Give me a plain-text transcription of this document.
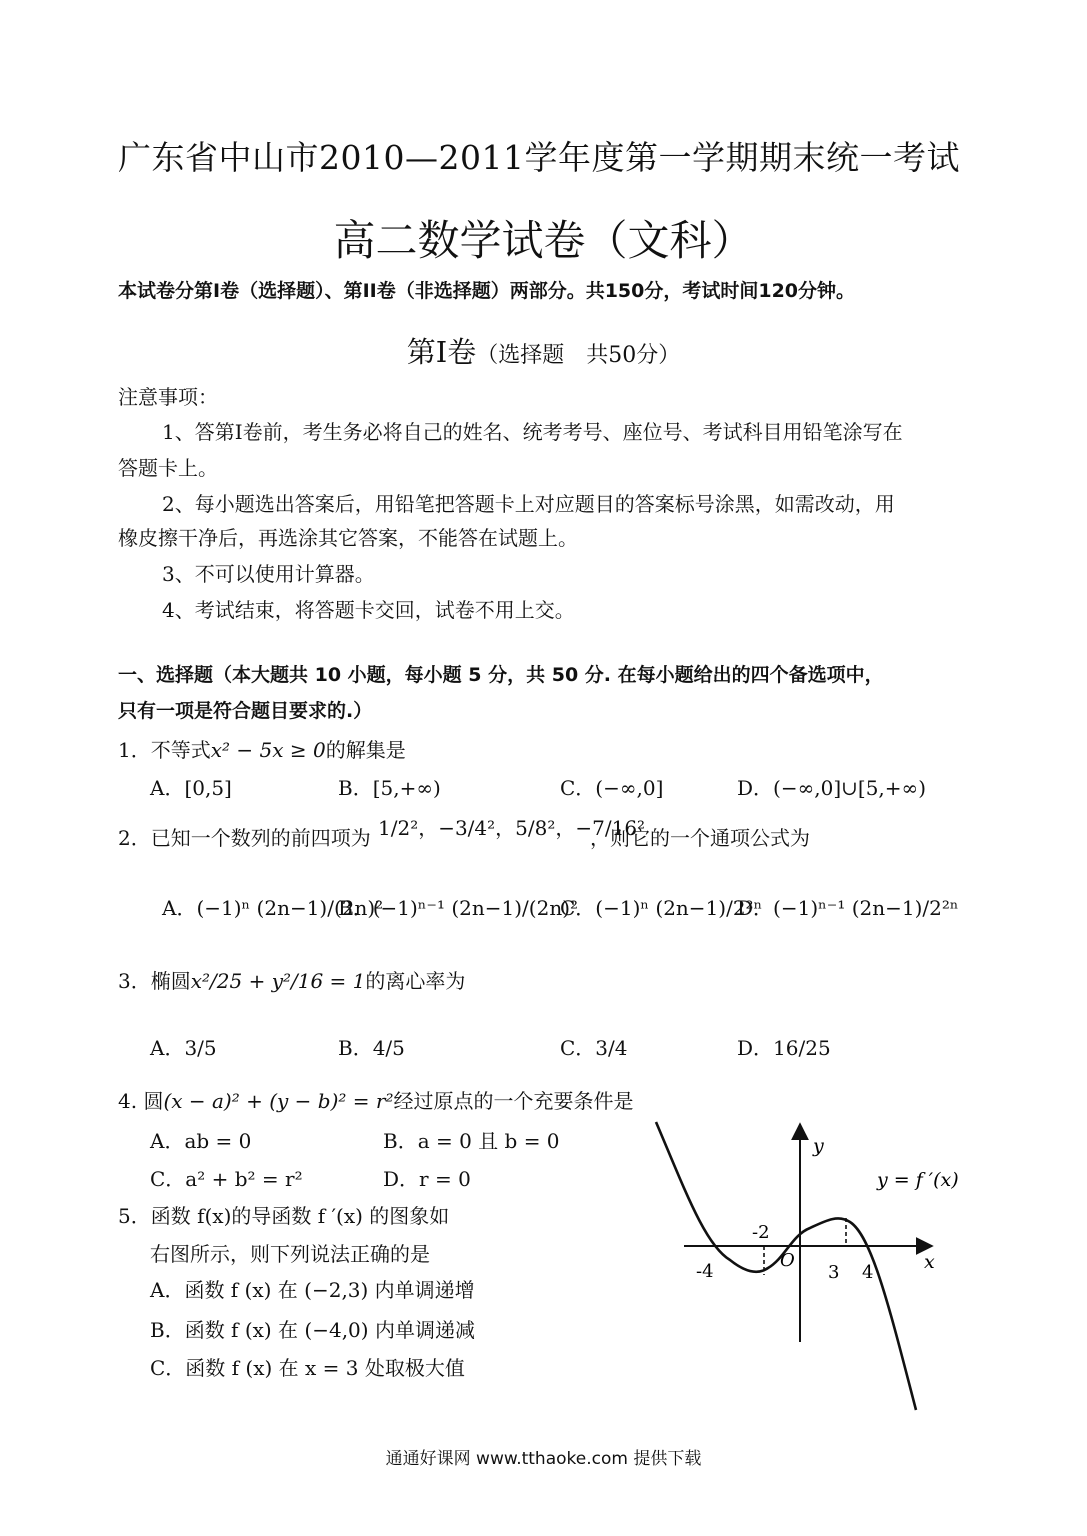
广东省中山市2010—2011学年度第一学期期末统一考试
高二数学试卷（文科）
本试卷分第I卷（选择题）、第II卷（非选择题）两部分。共150分，考试时间120分钟。
第I卷（选择题　共50分）
注意事项：
1、答第I卷前，考生务必将自己的姓名、统考考号、座位号、考试科目用铅笔涂写在
答题卡上。
2、每小题选出答案后，用铅笔把答题卡上对应题目的答案标号涂黑，如需改动，用
橡皮擦干净后，再选涂其它答案，不能答在试题上。
3、不可以使用计算器。
4、考试结束，将答题卡交回，试卷不用上交。
一、选择题（本大题共 10 小题，每小题 5 分，共 50 分. 在每小题给出的四个备选项中，
只有一项是符合题目要求的.）
1．不等式x² − 5x ≥ 0的解集是
A．[0,5]	B．[5,+∞)	C．(−∞,0]	D．(−∞,0]∪[5,+∞)
2．已知一个数列的前四项为 1/2²，−3/4²，5/8²，−7/16²
，则它的一个通项公式为
A．(−1)ⁿ (2n−1)/(2n)²
B．(−1)ⁿ⁻¹ (2n−1)/(2n)²
C．(−1)ⁿ (2n−1)/2²ⁿ
D．(−1)ⁿ⁻¹ (2n−1)/2²ⁿ
3．椭圆x²/25 + y²/16 = 1的离心率为
A．3/5	B．4/5	C．3/4	D．16/25
4. 圆(x − a)² + (y − b)² = r²经过原点的一个充要条件是
A．ab = 0	B．a = 0 且 b = 0
C．a² + b² = r²	D．r = 0
5．函数 f(x)的导函数 f ′(x) 的图象如
右图所示，则下列说法正确的是
A．函数 f (x) 在 (−2,3) 内单调递增
B．函数 f (x) 在 (−4,0) 内单调递减
C．函数 f (x) 在 x = 3 处取极大值
y
x
y = f ′(x)
O
-4
-2
3 4
通通好课网 www.tthaoke.com 提供下载
